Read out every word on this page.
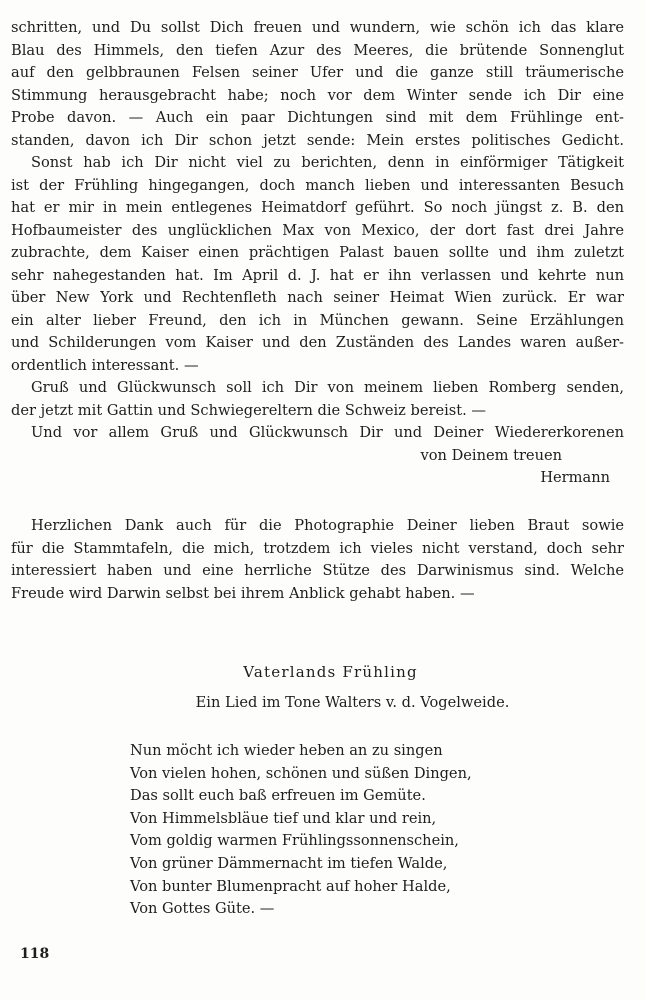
schritten, und Du sollst Dich freuen und wundern, wie schön ich das klare
Blau des Himmels, den tiefen Azur des Meeres, die brütende Sonnenglut
auf den gelbbraunen Felsen seiner Ufer und die ganze still träumerische
Stimmung herausgebracht habe; noch vor dem Winter sende ich Dir eine
Probe davon. — Auch ein paar Dichtungen sind mit dem Frühlinge ent-
standen, davon ich Dir schon jetzt sende: Mein erstes politisches Gedicht.
Sonst hab ich Dir nicht viel zu berichten, denn in einförmiger Tätigkeit
ist der Frühling hingegangen, doch manch lieben und interessanten Besuch
hat er mir in mein entlegenes Heimatdorf geführt. So noch jüngst z. B. den
Hofbaumeister des unglücklichen Max von Mexico, der dort fast drei Jahre
zubrachte, dem Kaiser einen prächtigen Palast bauen sollte und ihm zuletzt
sehr nahegestanden hat. Im April d. J. hat er ihn verlassen und kehrte nun
über New York und Rechtenfleth nach seiner Heimat Wien zurück. Er war
ein alter lieber Freund, den ich in München gewann. Seine Erzählungen
und Schilderungen vom Kaiser und den Zuständen des Landes waren außer-
ordentlich interessant. —
Gruß und Glückwunsch soll ich Dir von meinem lieben Romberg senden,
der jetzt mit Gattin und Schwiegereltern die Schweiz bereist. —
Und vor allem Gruß und Glückwunsch Dir und Deiner Wiedererkorenen
von Deinem treuen
Hermann
Herzlichen Dank auch für die Photographie Deiner lieben Braut sowie
für die Stammtafeln, die mich, trotzdem ich vieles nicht verstand, doch sehr
interessiert haben und eine herrliche Stütze des Darwinismus sind. Welche
Freude wird Darwin selbst bei ihrem Anblick gehabt haben. —
Vaterlands Frühling
Ein Lied im Tone Walters v. d. Vogelweide.
Nun möcht ich wieder heben an zu singen
Von vielen hohen, schönen und süßen Dingen,
Das sollt euch baß erfreuen im Gemüte.
Von Himmelsbläue tief und klar und rein,
Vom goldig warmen Frühlingssonnenschein,
Von grüner Dämmernacht im tiefen Walde,
Von bunter Blumenpracht auf hoher Halde,
Von Gottes Güte. —
118
